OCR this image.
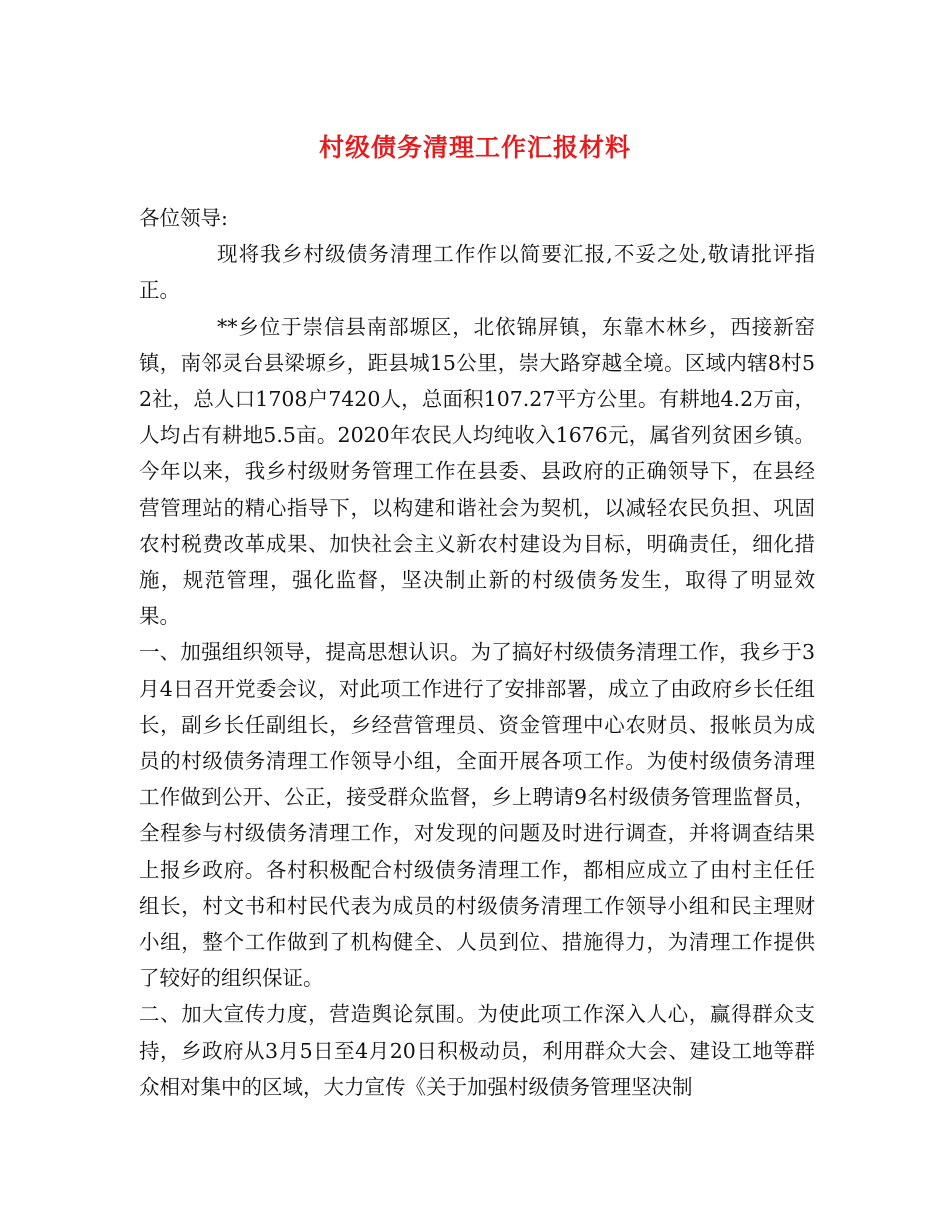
村级债务清理工作汇报材料

各位领导:

现将我乡村级债务清理工作作以简要汇报,不妥之处,敬请批评指正。

**乡位于崇信县南部塬区，北依锦屏镇，东靠木林乡，西接新窑镇，南邻灵台县梁塬乡，距县城15公里，崇大路穿越全境。区域内辖8村52社，总人口1708户7420人，总面积107.27平方公里。有耕地4.2万亩，人均占有耕地5.5亩。2020年农民人均纯收入1676元，属省列贫困乡镇。今年以来，我乡村级财务管理工作在县委、县政府的正确领导下，在县经营管理站的精心指导下，以构建和谐社会为契机，以减轻农民负担、巩固农村税费改革成果、加快社会主义新农村建设为目标，明确责任，细化措施，规范管理，强化监督，坚决制止新的村级债务发生，取得了明显效果。

一、加强组织领导，提高思想认识。为了搞好村级债务清理工作，我乡于3月4日召开党委会议，对此项工作进行了安排部署，成立了由政府乡长任组长，副乡长任副组长，乡经营管理员、资金管理中心农财员、报帐员为成员的村级债务清理工作领导小组，全面开展各项工作。为使村级债务清理工作做到公开、公正，接受群众监督，乡上聘请9名村级债务管理监督员，全程参与村级债务清理工作，对发现的问题及时进行调查，并将调查结果上报乡政府。各村积极配合村级债务清理工作，都相应成立了由村主任任组长，村文书和村民代表为成员的村级债务清理工作领导小组和民主理财小组，整个工作做到了机构健全、人员到位、措施得力，为清理工作提供了较好的组织保证。

二、加大宣传力度，营造舆论氛围。为使此项工作深入人心，赢得群众支持，乡政府从3月5日至4月20日积极动员，利用群众大会、建设工地等群众相对集中的区域，大力宣传《关于加强村级债务管理坚决制
